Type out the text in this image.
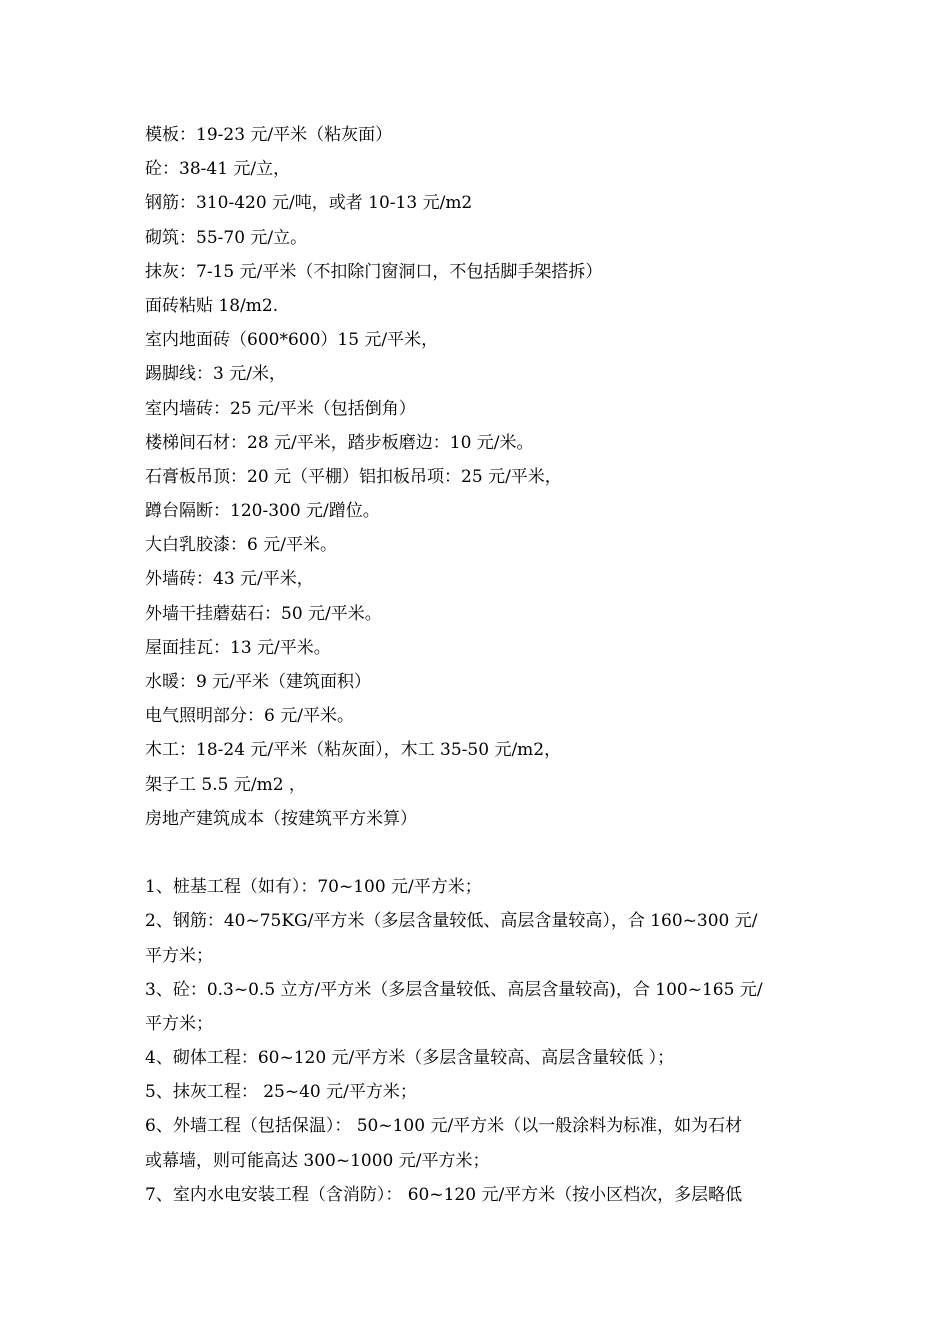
模板：19-23 元/平米（粘灰面）
砼：38-41 元/立，
钢筋：310-420 元/吨，或者 10-13 元/m2
砌筑：55-70 元/立。
抹灰：7-15 元/平米（不扣除门窗洞口，不包括脚手架搭拆）
面砖粘贴 18/m2.
室内地面砖（600*600）15 元/平米，
踢脚线：3 元/米，
室内墙砖：25 元/平米（包括倒角）
楼梯间石材：28 元/平米，踏步板磨边：10 元/米。
石膏板吊顶：20 元（平棚）铝扣板吊项：25 元/平米，
蹲台隔断：120-300 元/蹭位。
大白乳胶漆：6 元/平米。
外墙砖：43 元/平米，
外墙干挂蘑菇石：50 元/平米。
屋面挂瓦：13 元/平米。
水暖：9 元/平米（建筑面积）
电气照明部分：6 元/平米。
木工：18-24 元/平米（粘灰面），木工 35-50 元/m2，
架子工 5.5 元/m2 ，
房地产建筑成本（按建筑平方米算）
1、桩基工程（如有）：70~100 元/平方米；
2、钢筋：40~75KG/平方米（多层含量较低、高层含量较高），合 160~300 元/
平方米；
3、砼：0.3~0.5 立方/平方米（多层含量较低、高层含量较高)，合 100~165 元/
平方米；
4、砌体工程：60~120 元/平方米（多层含量较高、高层含量较低 ）；
5、抹灰工程： 25~40 元/平方米；
6、外墙工程（包括保温）： 50~100 元/平方米（以一般涂料为标准，如为石材
或幕墙，则可能高达 300~1000 元/平方米；
7、室内水电安装工程（含消防）： 60~120 元/平方米（按小区档次，多层略低
